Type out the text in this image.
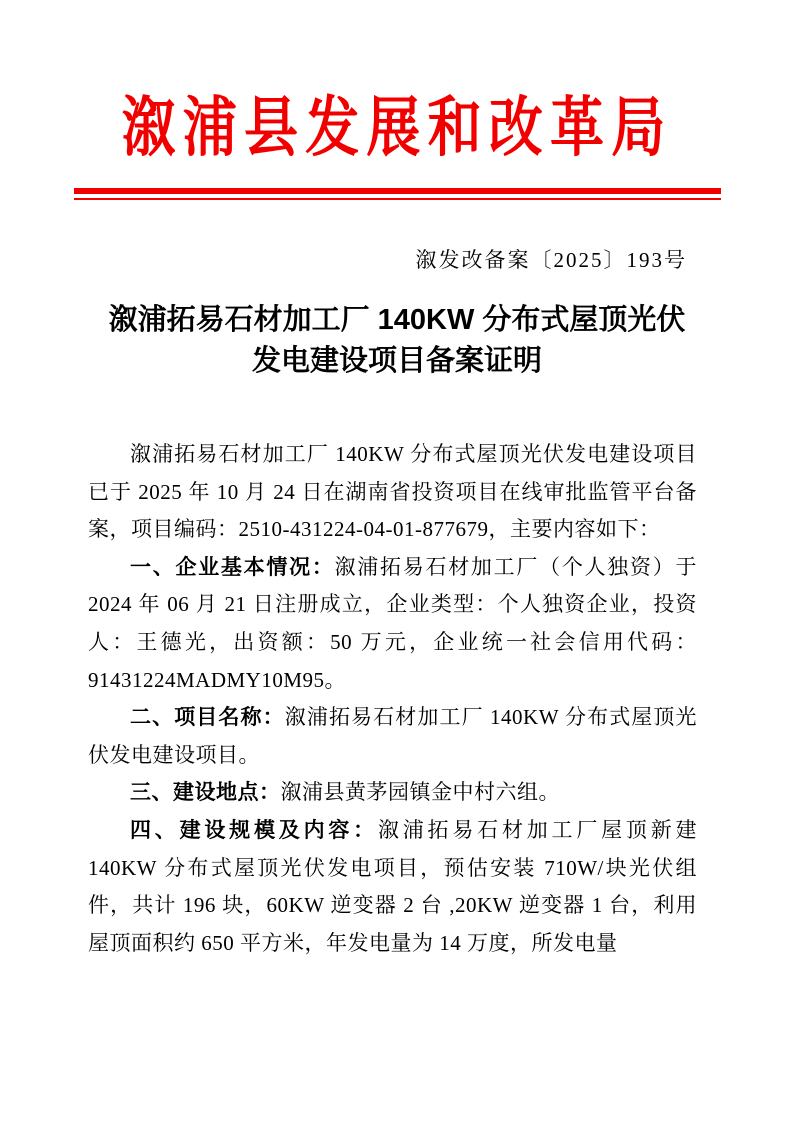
溆浦县发展和改革局
溆发改备案〔2025〕193号
溆浦拓易石材加工厂 140KW 分布式屋顶光伏
发电建设项目备案证明

溆浦拓易石材加工厂 140KW 分布式屋顶光伏发电建设项目已于 2025 年 10 月 24 日在湖南省投资项目在线审批监管平台备案，项目编码：2510-431224-04-01-877679，主要内容如下：

一、企业基本情况：溆浦拓易石材加工厂（个人独资）于 2024 年 06 月 21 日注册成立，企业类型：个人独资企业，投资人：王德光，出资额：50 万元，企业统一社会信用代码：91431224MADMY10M95。

二、项目名称：溆浦拓易石材加工厂 140KW 分布式屋顶光伏发电建设项目。

三、建设地点：溆浦县黄茅园镇金中村六组。

四、建设规模及内容：溆浦拓易石材加工厂屋顶新建 140KW 分布式屋顶光伏发电项目，预估安装 710W/块光伏组件，共计 196 块，60KW 逆变器 2 台 ,20KW 逆变器 1 台，利用屋顶面积约 650 平方米，年发电量为 14 万度，所发电量
